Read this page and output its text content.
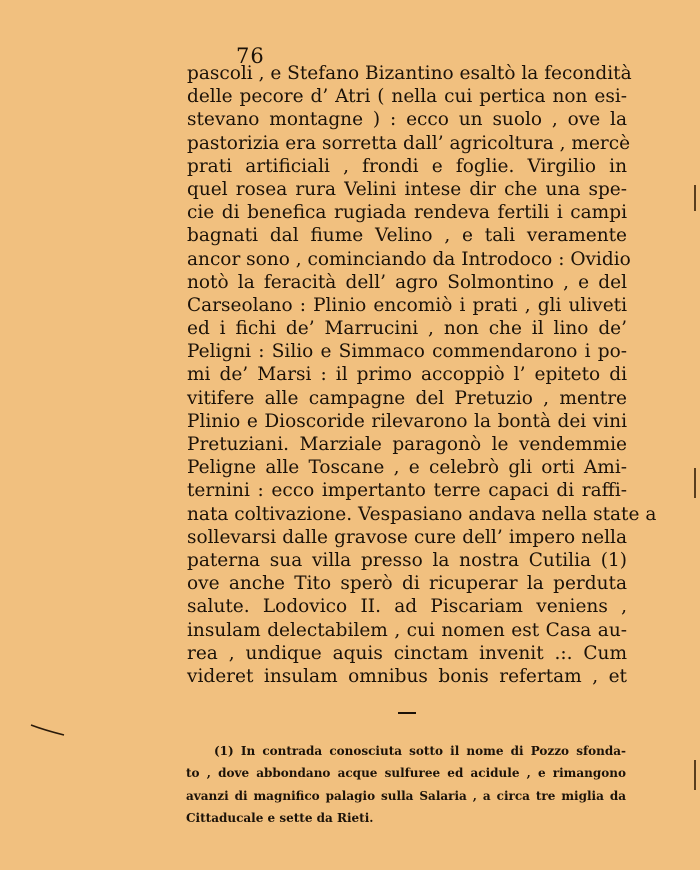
76
pascoli , e Stefano Bizantino esaltò la fecondità
delle pecore d’ Atri ( nella cui pertica non esi-
stevano montagne ) : ecco un suolo , ove la
pastorizia era sorretta dall’ agricoltura , mercè
prati artificiali , frondi e foglie. Virgilio in
quel rosea rura Velini intese dir che una spe-
cie di benefica rugiada rendeva fertili i campi
bagnati dal fiume Velino , e tali veramente
ancor sono , cominciando da Introdoco : Ovidio
notò la feracità dell’ agro Solmontino , e del
Carseolano : Plinio encomiò i prati , gli uliveti
ed i fichi de’ Marrucini , non che il lino de’
Peligni : Silio e Simmaco commendarono i po-
mi de’ Marsi : il primo accoppiò l’ epiteto di
vitifere alle campagne del Pretuzio , mentre
Plinio e Dioscoride rilevarono la bontà dei vini
Pretuziani. Marziale paragonò le vendemmie
Peligne alle Toscane , e celebrò gli orti Ami-
ternini : ecco impertanto terre capaci di raffi-
nata coltivazione. Vespasiano andava nella state a
sollevarsi dalle gravose cure dell’ impero nella
paterna sua villa presso la nostra Cutilia (1)
ove anche Tito sperò di ricuperar la perduta
salute. Lodovico II. ad Piscariam veniens ,
insulam delectabilem , cui nomen est Casa au-
rea , undique aquis cinctam invenit .:. Cum
videret insulam omnibus bonis refertam , et
(1) In contrada conosciuta sotto il nome di Pozzo sfonda-
to , dove abbondano acque sulfuree ed acidule , e rimangono
avanzi di magnifico palagio sulla Salaria , a circa tre miglia da
Cittaducale e sette da Rieti.
